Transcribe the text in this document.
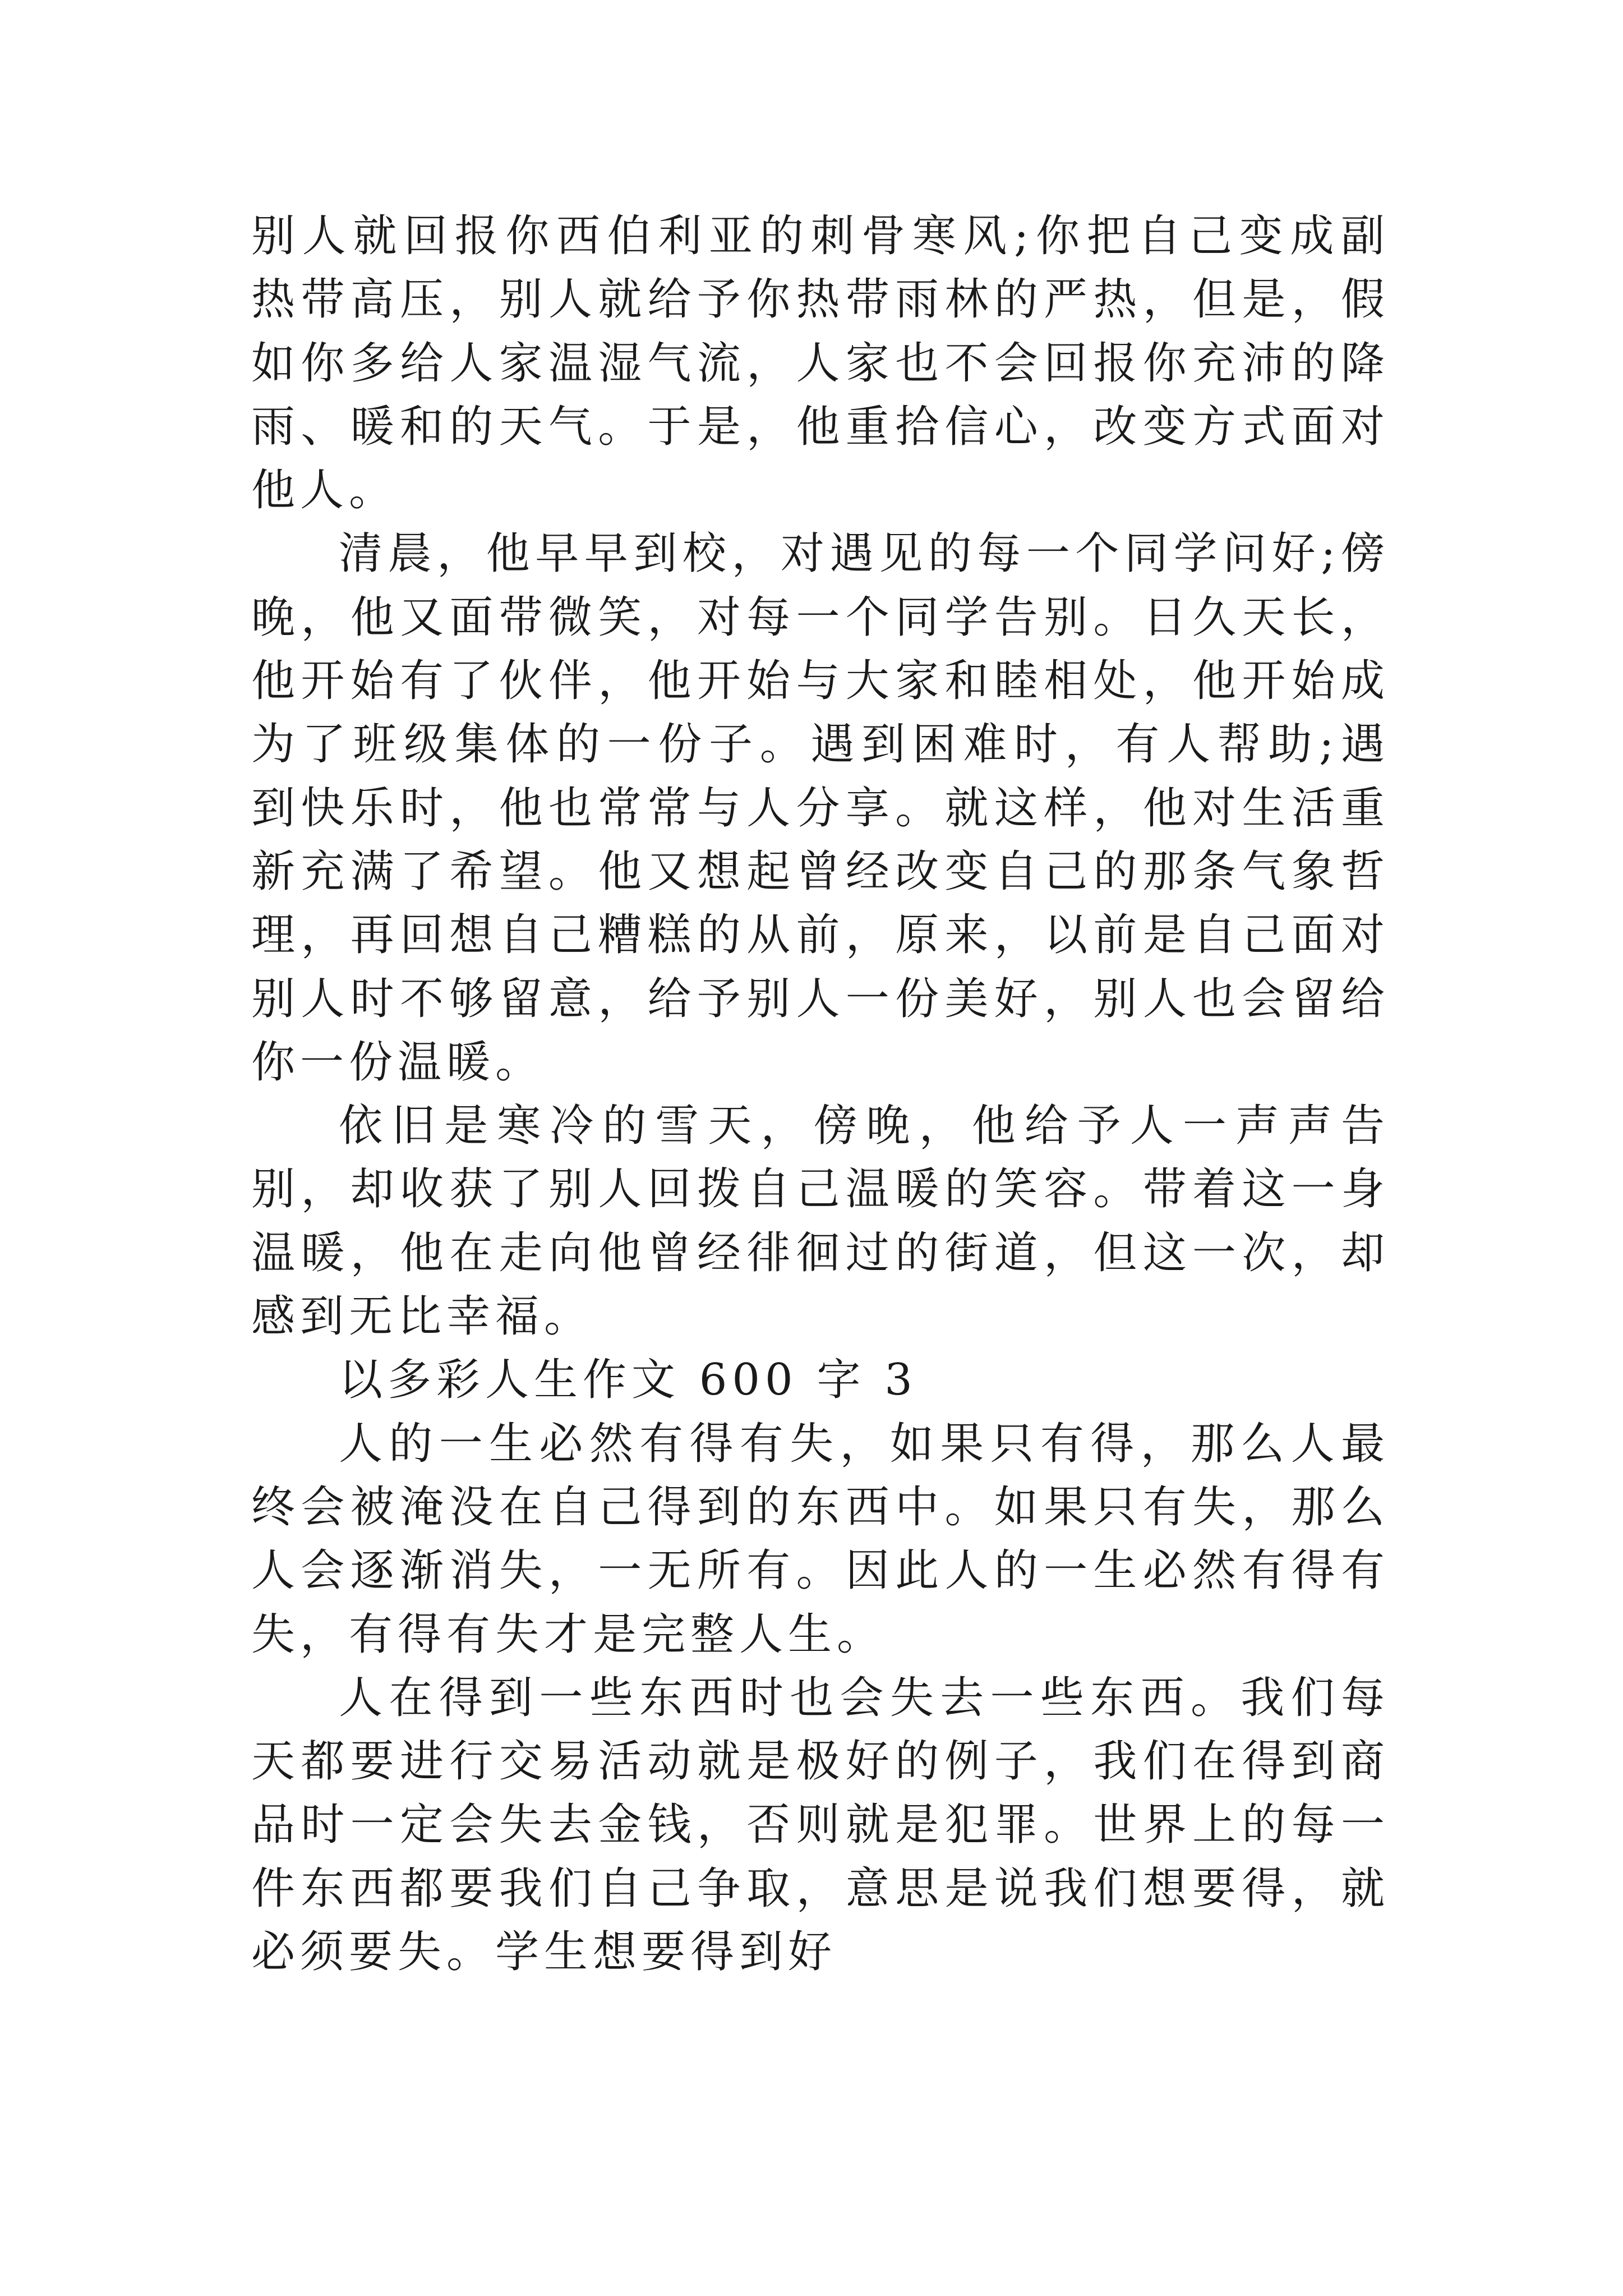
别人就回报你西伯利亚的刺骨寒风;你把自己变成副热带高压，别人就给予你热带雨林的严热，但是，假如你多给人家温湿气流，人家也不会回报你充沛的降雨、暖和的天气。于是，他重拾信心，改变方式面对他人。

清晨，他早早到校，对遇见的每一个同学问好;傍晚，他又面带微笑，对每一个同学告别。日久天长，他开始有了伙伴，他开始与大家和睦相处，他开始成为了班级集体的一份子。遇到困难时，有人帮助;遇到快乐时，他也常常与人分享。就这样，他对生活重新充满了希望。他又想起曾经改变自己的那条气象哲理，再回想自己糟糕的从前，原来，以前是自己面对别人时不够留意，给予别人一份美好，别人也会留给你一份温暖。

依旧是寒冷的雪天，傍晚，他给予人一声声告别，却收获了别人回拨自己温暖的笑容。带着这一身温暖，他在走向他曾经徘徊过的街道，但这一次，却感到无比幸福。

以多彩人生作文 600 字 3

人的一生必然有得有失，如果只有得，那么人最终会被淹没在自己得到的东西中。如果只有失，那么人会逐渐消失，一无所有。因此人的一生必然有得有失，有得有失才是完整人生。

人在得到一些东西时也会失去一些东西。我们每天都要进行交易活动就是极好的例子，我们在得到商品时一定会失去金钱，否则就是犯罪。世界上的每一件东西都要我们自己争取，意思是说我们想要得，就必须要失。学生想要得到好
